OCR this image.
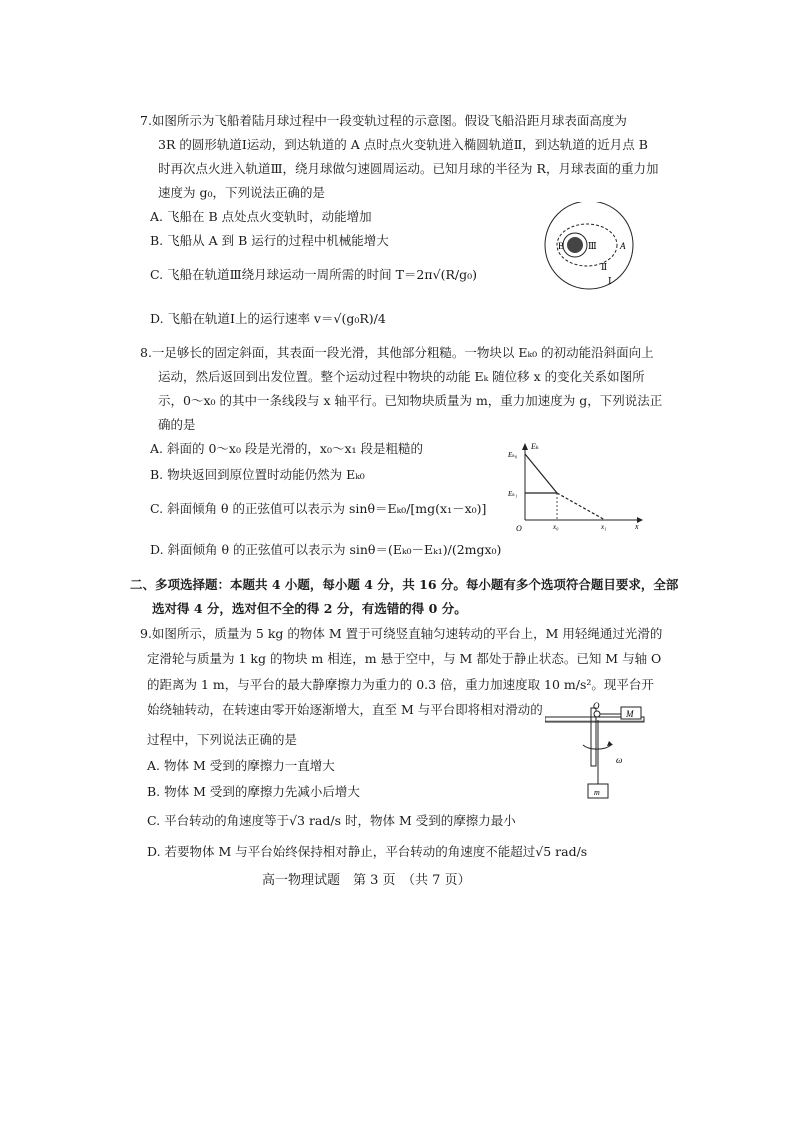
7.如图所示为飞船着陆月球过程中一段变轨过程的示意图。假设飞船沿距月球表面高度为
3R 的圆形轨道Ⅰ运动，到达轨道的 A 点时点火变轨进入椭圆轨道Ⅱ，到达轨道的近月点 B
时再次点火进入轨道Ⅲ，绕月球做匀速圆周运动。已知月球的半径为 R，月球表面的重力加
速度为 g₀，下列说法正确的是
A. 飞船在 B 点处点火变轨时，动能增加
B. 飞船从 A 到 B 运行的过程中机械能增大
C. 飞船在轨道Ⅲ绕月球运动一周所需的时间 T＝2π√(R/g₀)
D. 飞船在轨道Ⅰ上的运行速率 v＝√(g₀R)/4
B	Ⅲ	A
Ⅱ
Ⅰ
8.一足够长的固定斜面，其表面一段光滑，其他部分粗糙。一物块以 Eₖ₀ 的初动能沿斜面向上
运动，然后返回到出发位置。整个运动过程中物块的动能 Eₖ 随位移 x 的变化关系如图所
示，0～x₀ 的其中一条线段与 x 轴平行。已知物块质量为 m，重力加速度为 g，下列说法正
确的是
A. 斜面的 0～x₀ 段是光滑的，x₀～x₁ 段是粗糙的
B. 物块返回到原位置时动能仍然为 Eₖ₀
C. 斜面倾角 θ 的正弦值可以表示为 sinθ＝Eₖ₀/[mg(x₁－x₀)]
D. 斜面倾角 θ 的正弦值可以表示为 sinθ＝(Eₖ₀－Eₖ₁)/(2mgx₀)
Eₖ
Eₖ₀
Eₖ₁
O	x₀	x₁	x
二、多项选择题：本题共 4 小题，每小题 4 分，共 16 分。每小题有多个选项符合题目要求，全部
选对得 4 分，选对但不全的得 2 分，有选错的得 0 分。
9.如图所示，质量为 5 kg 的物体 M 置于可绕竖直轴匀速转动的平台上，M 用轻绳通过光滑的
定滑轮与质量为 1 kg 的物块 m 相连，m 悬于空中，与 M 都处于静止状态。已知 M 与轴 O
的距离为 1 m，与平台的最大静摩擦力为重力的 0.3 倍，重力加速度取 10 m/s²。现平台开
始绕轴转动，在转速由零开始逐渐增大，直至 M 与平台即将相对滑动的
过程中，下列说法正确的是
A. 物体 M 受到的摩擦力一直增大
B. 物体 M 受到的摩擦力先减小后增大
C. 平台转动的角速度等于√3 rad/s 时，物体 M 受到的摩擦力最小
D. 若要物体 M 与平台始终保持相对静止，平台转动的角速度不能超过√5 rad/s
O
M
m
ω
高一物理试题　第 3 页　（共 7 页）
